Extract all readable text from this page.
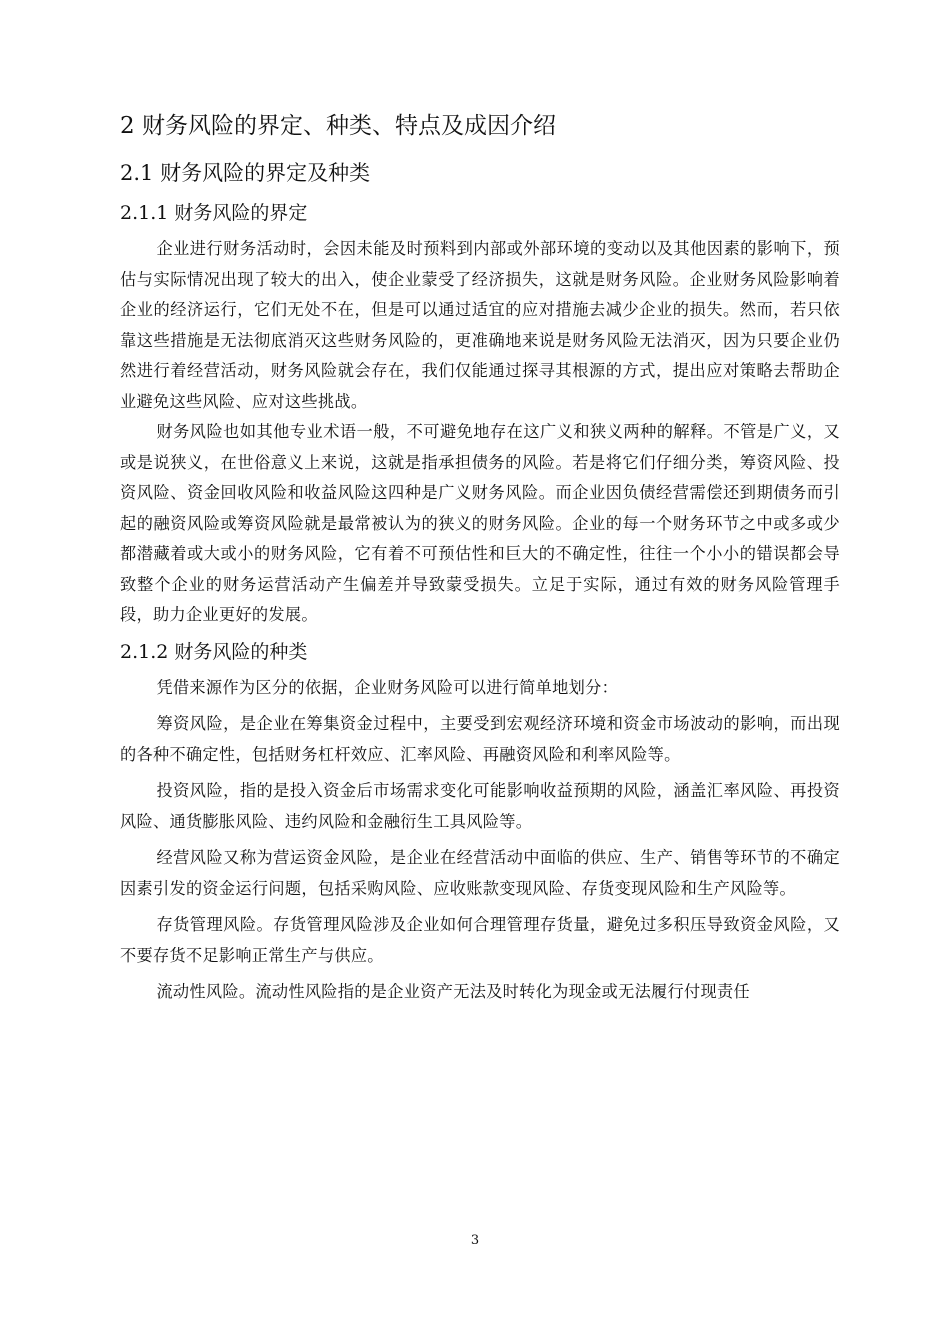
2 财务风险的界定、种类、特点及成因介绍
2.1 财务风险的界定及种类
2.1.1 财务风险的界定

企业进行财务活动时，会因未能及时预料到内部或外部环境的变动以及其他因素的影响下，预估与实际情况出现了较大的出入，使企业蒙受了经济损失，这就是财务风险。企业财务风险影响着企业的经济运行，它们无处不在，但是可以通过适宜的应对措施去减少企业的损失。然而，若只依靠这些措施是无法彻底消灭这些财务风险的，更准确地来说是财务风险无法消灭，因为只要企业仍然进行着经营活动，财务风险就会存在，我们仅能通过探寻其根源的方式，提出应对策略去帮助企业避免这些风险、应对这些挑战。

财务风险也如其他专业术语一般，不可避免地存在这广义和狭义两种的解释。不管是广义，又或是说狭义，在世俗意义上来说，这就是指承担债务的风险。若是将它们仔细分类，筹资风险、投资风险、资金回收风险和收益风险这四种是广义财务风险。而企业因负债经营需偿还到期债务而引起的融资风险或筹资风险就是最常被认为的狭义的财务风险。企业的每一个财务环节之中或多或少都潜藏着或大或小的财务风险，它有着不可预估性和巨大的不确定性，往往一个小小的错误都会导致整个企业的财务运营活动产生偏差并导致蒙受损失。立足于实际，通过有效的财务风险管理手段，助力企业更好的发展。

2.1.2 财务风险的种类

凭借来源作为区分的依据，企业财务风险可以进行简单地划分：

筹资风险，是企业在筹集资金过程中，主要受到宏观经济环境和资金市场波动的影响，而出现的各种不确定性，包括财务杠杆效应、汇率风险、再融资风险和利率风险等。

投资风险，指的是投入资金后市场需求变化可能影响收益预期的风险，涵盖汇率风险、再投资风险、通货膨胀风险、违约风险和金融衍生工具风险等。

经营风险又称为营运资金风险，是企业在经营活动中面临的供应、生产、销售等环节的不确定因素引发的资金运行问题，包括采购风险、应收账款变现风险、存货变现风险和生产风险等。

存货管理风险。存货管理风险涉及企业如何合理管理存货量，避免过多积压导致资金风险，又不要存货不足影响正常生产与供应。

流动性风险。流动性风险指的是企业资产无法及时转化为现金或无法履行付现责任

3
